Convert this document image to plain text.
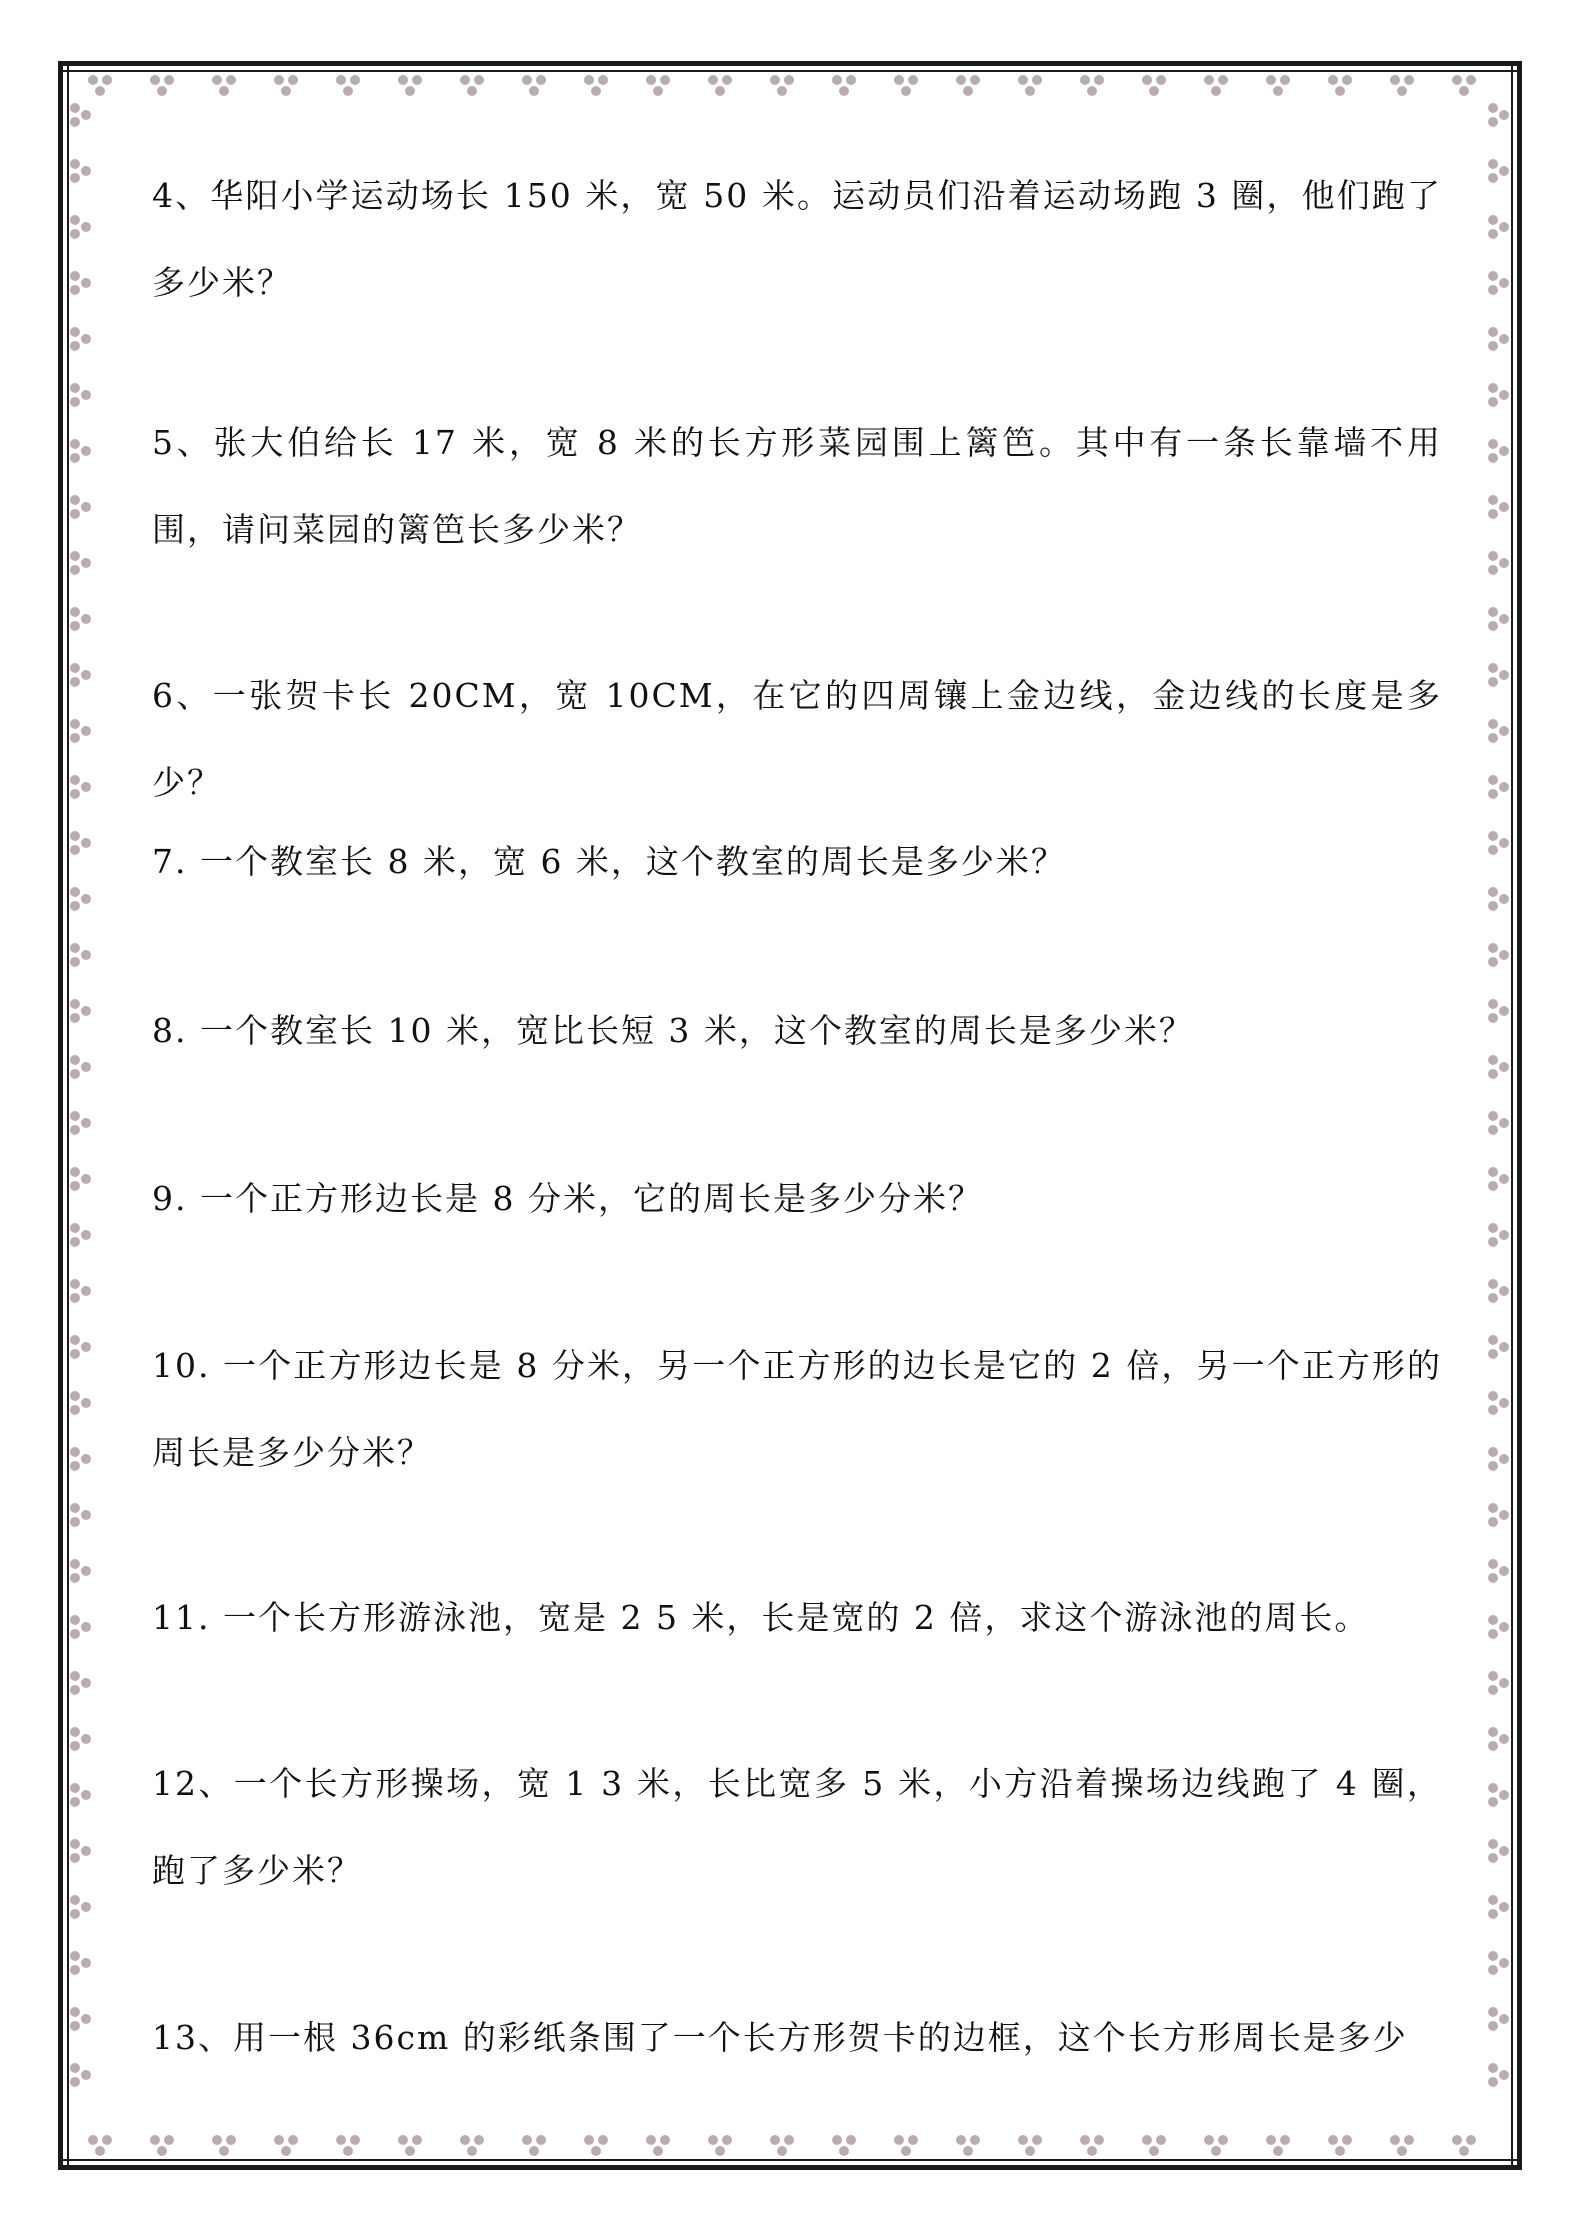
4、华阳小学运动场长 150 米，宽 50 米。运动员们沿着运动场跑 3 圈，他们跑了多少米？
5、张大伯给长 17 米，宽 8 米的长方形菜园围上篱笆。其中有一条长靠墙不用围，请问菜园的篱笆长多少米？
6、一张贺卡长 20CM，宽 10CM，在它的四周镶上金边线，金边线的长度是多少？
7. 一个教室长 8 米，宽 6 米，这个教室的周长是多少米？
8. 一个教室长 10 米，宽比长短 3 米，这个教室的周长是多少米？
9. 一个正方形边长是 8 分米，它的周长是多少分米？
10. 一个正方形边长是 8 分米，另一个正方形的边长是它的 2 倍，另一个正方形的周长是多少分米？
11. 一个长方形游泳池，宽是 2 5 米，长是宽的 2 倍，求这个游泳池的周长。
12、一个长方形操场，宽 1 3 米，长比宽多 5 米，小方沿着操场边线跑了 4 圈，跑了多少米？
13、用一根 36cm 的彩纸条围了一个长方形贺卡的边框，这个长方形周长是多少
